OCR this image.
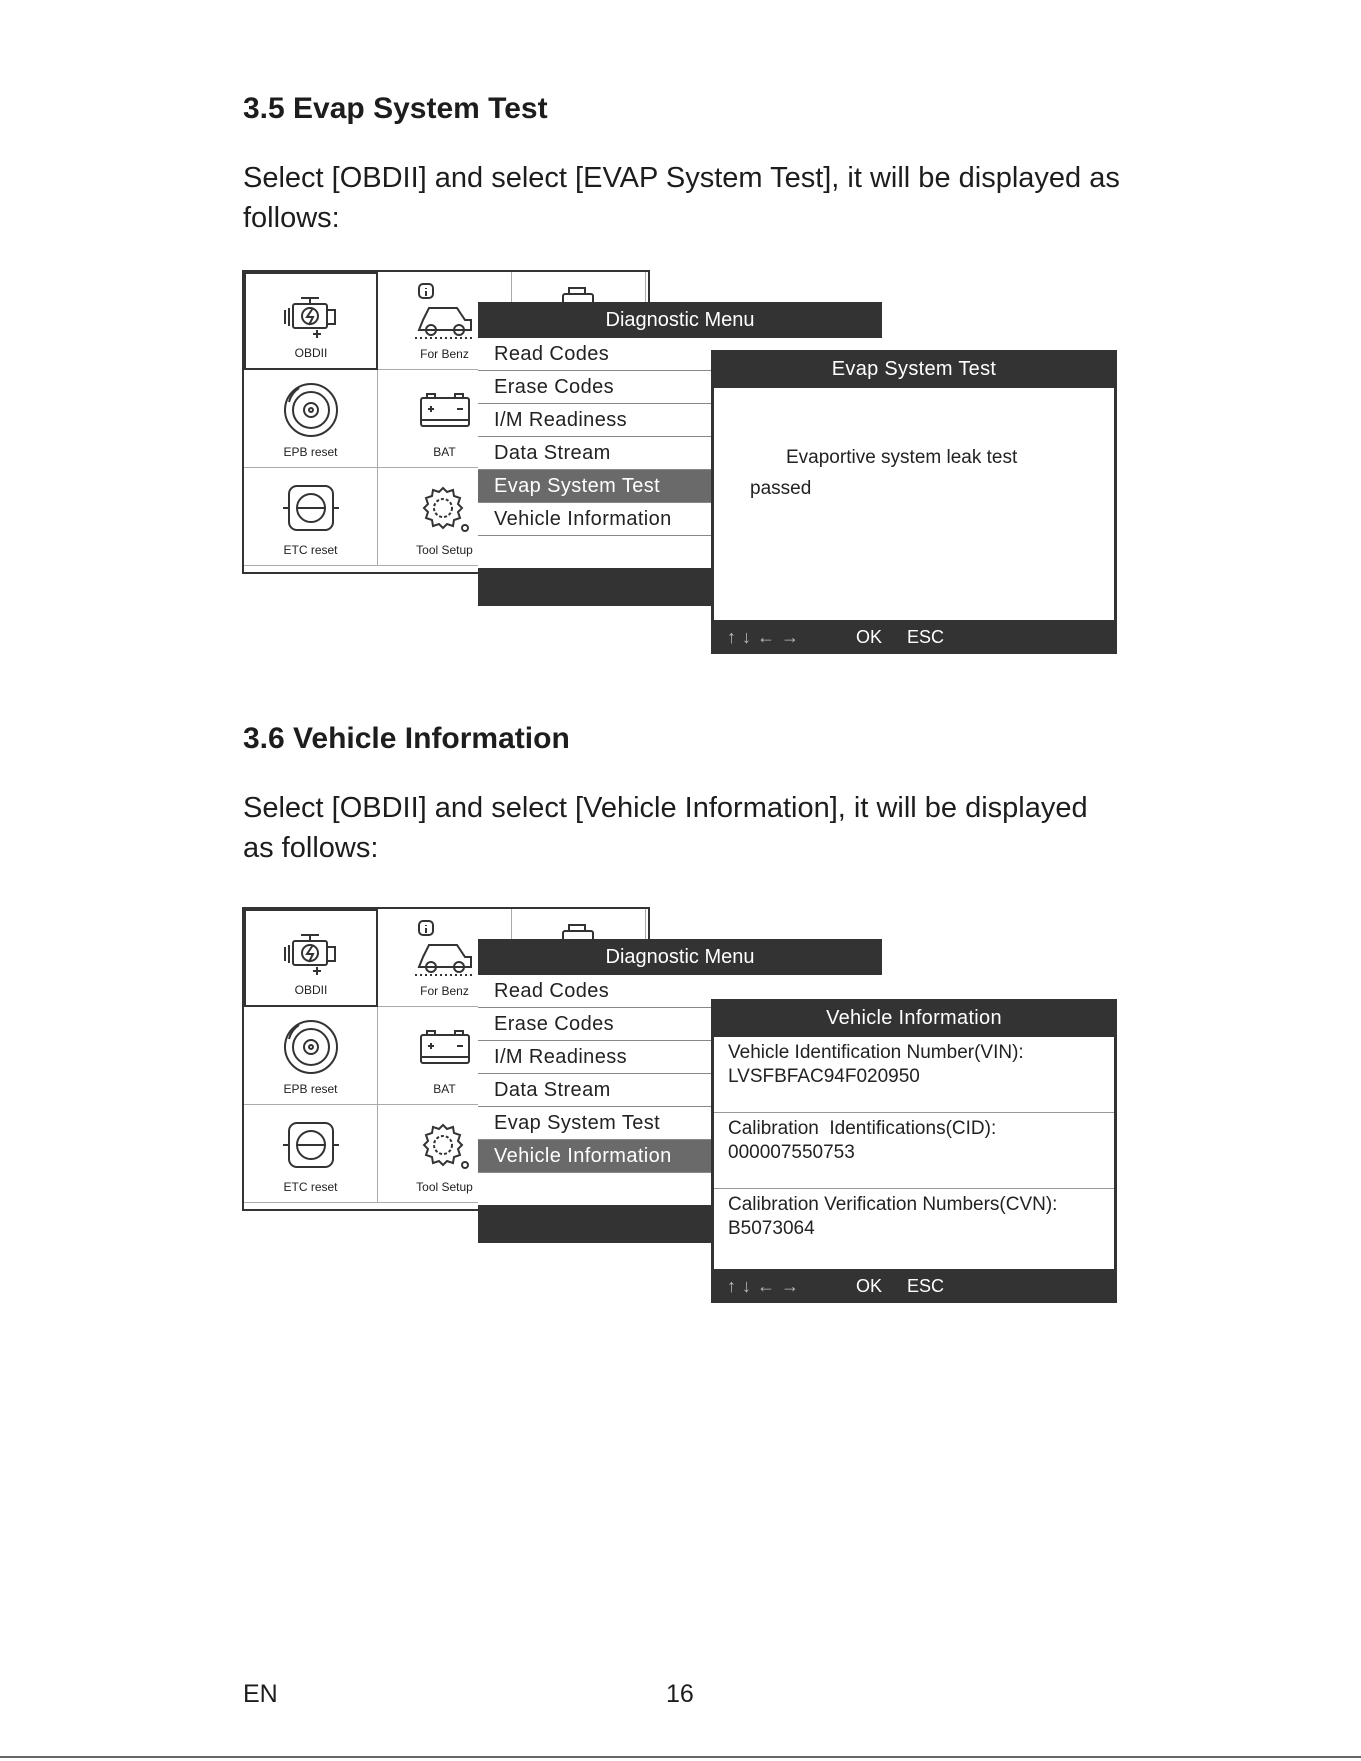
3.5 Evap System Test

Select [OBDII] and select [EVAP System Test], it will be displayed as follows:

OBDII	For Benz
EPB reset	BAT
ETC reset	Tool Setup
Diagnostic Menu
Read Codes
Erase Codes
I/M Readiness
Data Stream
Evap System Test
Vehicle Information
Evap System Test
Evaportive system leak test passed
↑↓←→	OK ESC
3.6 Vehicle Information

Select [OBDII] and select [Vehicle Information], it will be displayed as follows:

OBDII	For Benz
EPB reset	BAT
ETC reset	Tool Setup
Diagnostic Menu
Read Codes
Erase Codes
I/M Readiness
Data Stream
Evap System Test
Vehicle Information
Vehicle Information
Vehicle Identification Number(VIN):
LVSFBFAC94F020950
Calibration  Identifications(CID):
000007550753
Calibration Verification Numbers(CVN):
B5073064
↑↓←→	OK ESC
EN	16
